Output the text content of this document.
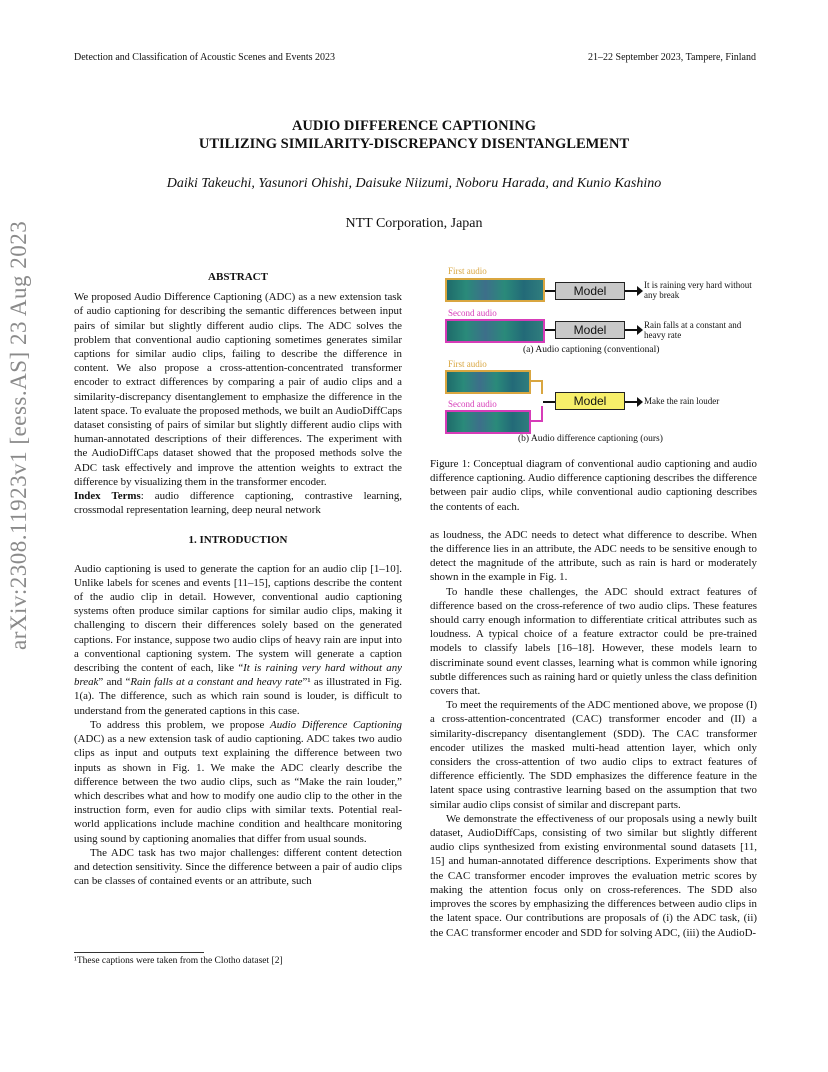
Detection and Classification of Acoustic Scenes and Events 2023	21–22 September 2023, Tampere, Finland
arXiv:2308.11923v1 [eess.AS] 23 Aug 2023
AUDIO DIFFERENCE CAPTIONING
UTILIZING SIMILARITY-DISCREPANCY DISENTANGLEMENT
Daiki Takeuchi, Yasunori Ohishi, Daisuke Niizumi, Noboru Harada, and Kunio Kashino
NTT Corporation, Japan
ABSTRACT

We proposed Audio Difference Captioning (ADC) as a new extension task of audio captioning for describing the semantic differences between input pairs of similar but slightly different audio clips. The ADC solves the problem that conventional audio captioning sometimes generates similar captions for similar audio clips, failing to describe the difference in content. We also propose a cross-attention-concentrated transformer encoder to extract differences by comparing a pair of audio clips and a similarity-discrepancy disentanglement to emphasize the difference in the latent space. To evaluate the proposed methods, we built an AudioDiffCaps dataset consisting of pairs of similar but slightly different audio clips with human-annotated descriptions of their differences. The experiment with the AudioDiffCaps dataset showed that the proposed methods solve the ADC task effectively and improve the attention weights to extract the difference by visualizing them in the transformer encoder.

Index Terms: audio difference captioning, contrastive learning, crossmodal representation learning, deep neural network

1. INTRODUCTION

Audio captioning is used to generate the caption for an audio clip [1–10]. Unlike labels for scenes and events [11–15], captions describe the content of the audio clip in detail. However, conventional audio captioning systems often produce similar captions for similar audio clips, making it challenging to discern their differences solely based on the generated captions. For instance, suppose two audio clips of heavy rain are input into a conventional captioning system. The system will generate a caption describing the content of each, like “It is raining very hard without any break” and “Rain falls at a constant and heavy rate”¹ as illustrated in Fig. 1(a). The difference, such as which rain sound is louder, is difficult to understand from the generated captions in this case.

To address this problem, we propose Audio Difference Captioning (ADC) as a new extension task of audio captioning. ADC takes two audio clips as input and outputs text explaining the difference between two inputs as shown in Fig. 1. We make the ADC clearly describe the difference between the two audio clips, such as “Make the rain louder,” which describes what and how to modify one audio clip to the other in the instruction form, even for audio clips with similar texts. Potential real-world applications include machine condition and healthcare monitoring using sound by captioning anomalies that differ from usual sounds.

The ADC task has two major challenges: different content detection and detection sensitivity. Since the difference between a pair of audio clips can be classes of contained events or an attribute, such

¹These captions were taken from the Clotho dataset [2]
First audio
Model	It is raining very hard without any break
Second audio
Model	Rain falls at a constant and heavy rate
(a) Audio captioning (conventional)
First audio
Second audio	Model	Make the rain louder
(b) Audio difference captioning (ours)

Figure 1: Conceptual diagram of conventional audio captioning and audio difference captioning. Audio difference captioning describes the difference between pair audio clips, while conventional audio captioning describes the contents of each.

as loudness, the ADC needs to detect what difference to describe. When the difference lies in an attribute, the ADC needs to be sensitive enough to detect the magnitude of the attribute, such as rain is hard or moderately shown in the example in Fig. 1.

To handle these challenges, the ADC should extract features of difference based on the cross-reference of two audio clips. These features should carry enough information to differentiate critical attributes such as loudness. A typical choice of a feature extractor could be pre-trained models to classify labels [16–18]. However, these models learn to discriminate sound event classes, learning what is common while ignoring subtle differences such as raining hard or quietly unless the class definition covers that.

To meet the requirements of the ADC mentioned above, we propose (I) a cross-attention-concentrated (CAC) transformer encoder and (II) a similarity-discrepancy disentanglement (SDD). The CAC transformer encoder utilizes the masked multi-head attention layer, which only considers the cross-attention of two audio clips to extract features of difference efficiently. The SDD emphasizes the difference feature in the latent space using contrastive learning based on the assumption that two similar audio clips consist of similar and discrepant parts.

We demonstrate the effectiveness of our proposals using a newly built dataset, AudioDiffCaps, consisting of two similar but slightly different audio clips synthesized from existing environmental sound datasets [11, 15] and human-annotated difference descriptions. Experiments show that the CAC transformer encoder improves the evaluation metric scores by making the attention focus only on cross-references. The SDD also improves the scores by emphasizing the differences between audio clips in the latent space. Our contributions are proposals of (i) the ADC task, (ii) the CAC transformer encoder and SDD for solving ADC, (iii) the AudioD-
